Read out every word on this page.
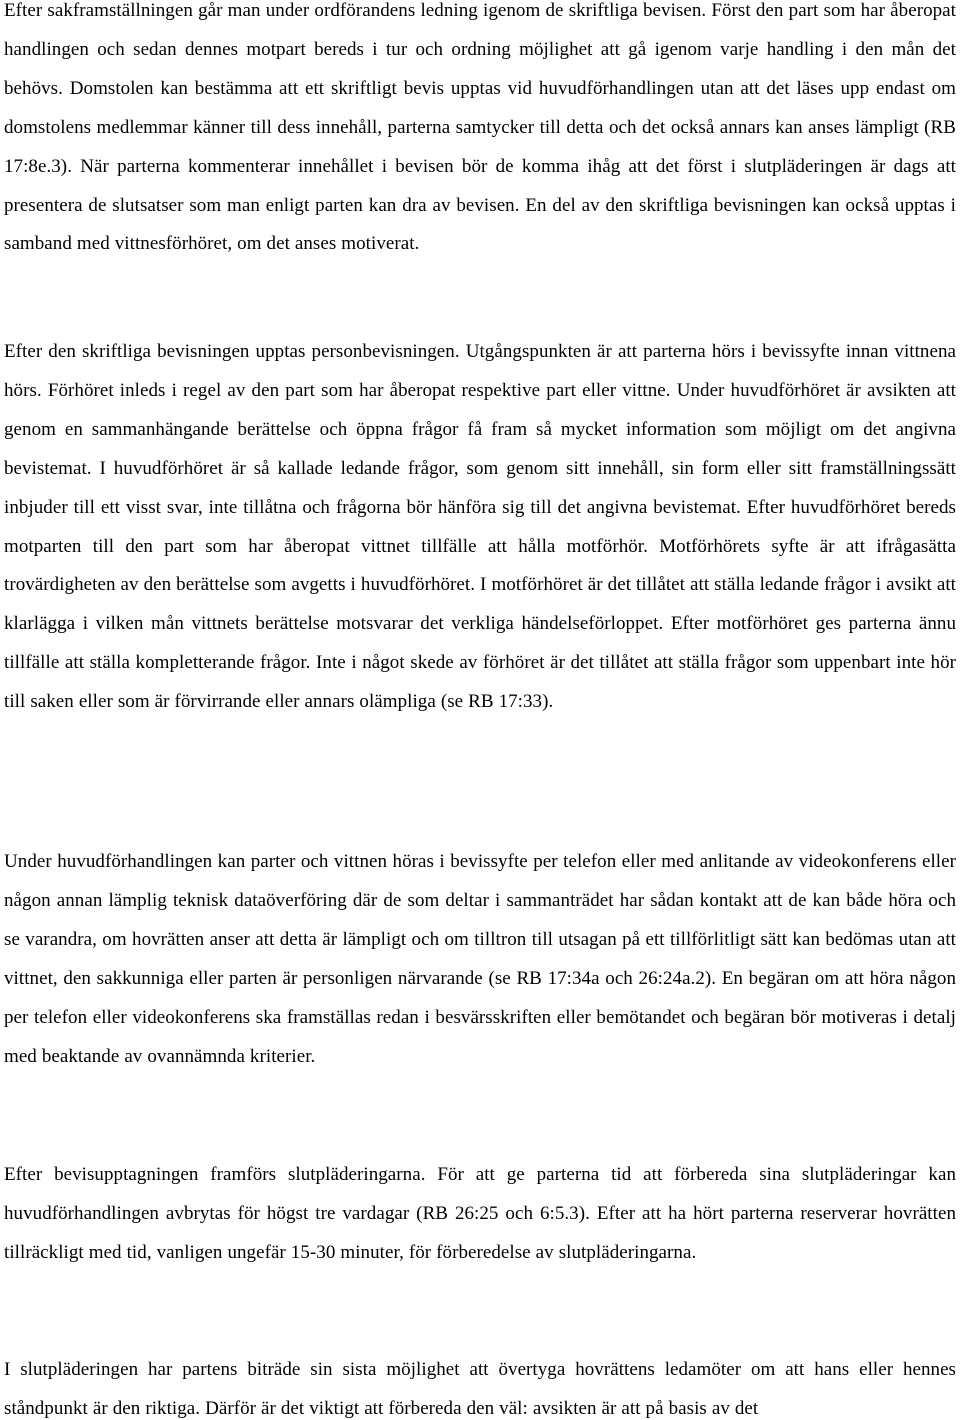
Efter sakframställningen går man under ordförandens ledning igenom de skriftliga bevisen. Först den part som har åberopat handlingen och sedan dennes motpart bereds i tur och ordning möjlighet att gå igenom varje handling i den mån det behövs. Domstolen kan bestämma att ett skriftligt bevis upptas vid huvudförhandlingen utan att det läses upp endast om domstolens medlemmar känner till dess innehåll, parterna samtycker till detta och det också annars kan anses lämpligt (RB 17:8e.3). När parterna kommenterar innehållet i bevisen bör de komma ihåg att det först i slutpläderingen är dags att presentera de slutsatser som man enligt parten kan dra av bevisen. En del av den skriftliga bevisningen kan också upptas i samband med vittnesförhöret, om det anses motiverat.

Efter den skriftliga bevisningen upptas personbevisningen. Utgångspunkten är att parterna hörs i bevissyfte innan vittnena hörs. Förhöret inleds i regel av den part som har åberopat respektive part eller vittne. Under huvudförhöret är avsikten att genom en sammanhängande berättelse och öppna frågor få fram så mycket information som möjligt om det angivna bevistemat. I huvudförhöret är så kallade ledande frågor, som genom sitt innehåll, sin form eller sitt framställningssätt inbjuder till ett visst svar, inte tillåtna och frågorna bör hänföra sig till det angivna bevistemat. Efter huvudförhöret bereds motparten till den part som har åberopat vittnet tillfälle att hålla motförhör. Motförhörets syfte är att ifrågasätta trovärdigheten av den berättelse som avgetts i huvudförhöret. I motförhöret är det tillåtet att ställa ledande frågor i avsikt att klarlägga i vilken mån vittnets berättelse motsvarar det verkliga händelseförloppet. Efter motförhöret ges parterna ännu tillfälle att ställa kompletterande frågor. Inte i något skede av förhöret är det tillåtet att ställa frågor som uppenbart inte hör till saken eller som är förvirrande eller annars olämpliga (se RB 17:33).

Under huvudförhandlingen kan parter och vittnen höras i bevissyfte per telefon eller med anlitande av videokonferens eller någon annan lämplig teknisk dataöverföring där de som deltar i sammanträdet har sådan kontakt att de kan både höra och se varandra, om hovrätten anser att detta är lämpligt och om tilltron till utsagan på ett tillförlitligt sätt kan bedömas utan att vittnet, den sakkunniga eller parten är personligen närvarande (se RB 17:34a och 26:24a.2). En begäran om att höra någon per telefon eller videokonferens ska framställas redan i besvärsskriften eller bemötandet och begäran bör motiveras i detalj med beaktande av ovannämnda kriterier.

Efter bevisupptagningen framförs slutpläderingarna. För att ge parterna tid att förbereda sina slutpläderingar kan huvudförhandlingen avbrytas för högst tre vardagar (RB 26:25 och 6:5.3). Efter att ha hört parterna reserverar hovrätten tillräckligt med tid, vanligen ungefär 15-30 minuter, för förberedelse av slutpläderingarna.

I slutpläderingen har partens biträde sin sista möjlighet att övertyga hovrättens ledamöter om att hans eller hennes ståndpunkt är den riktiga. Därför är det viktigt att förbereda den väl: avsikten är att på basis av det
